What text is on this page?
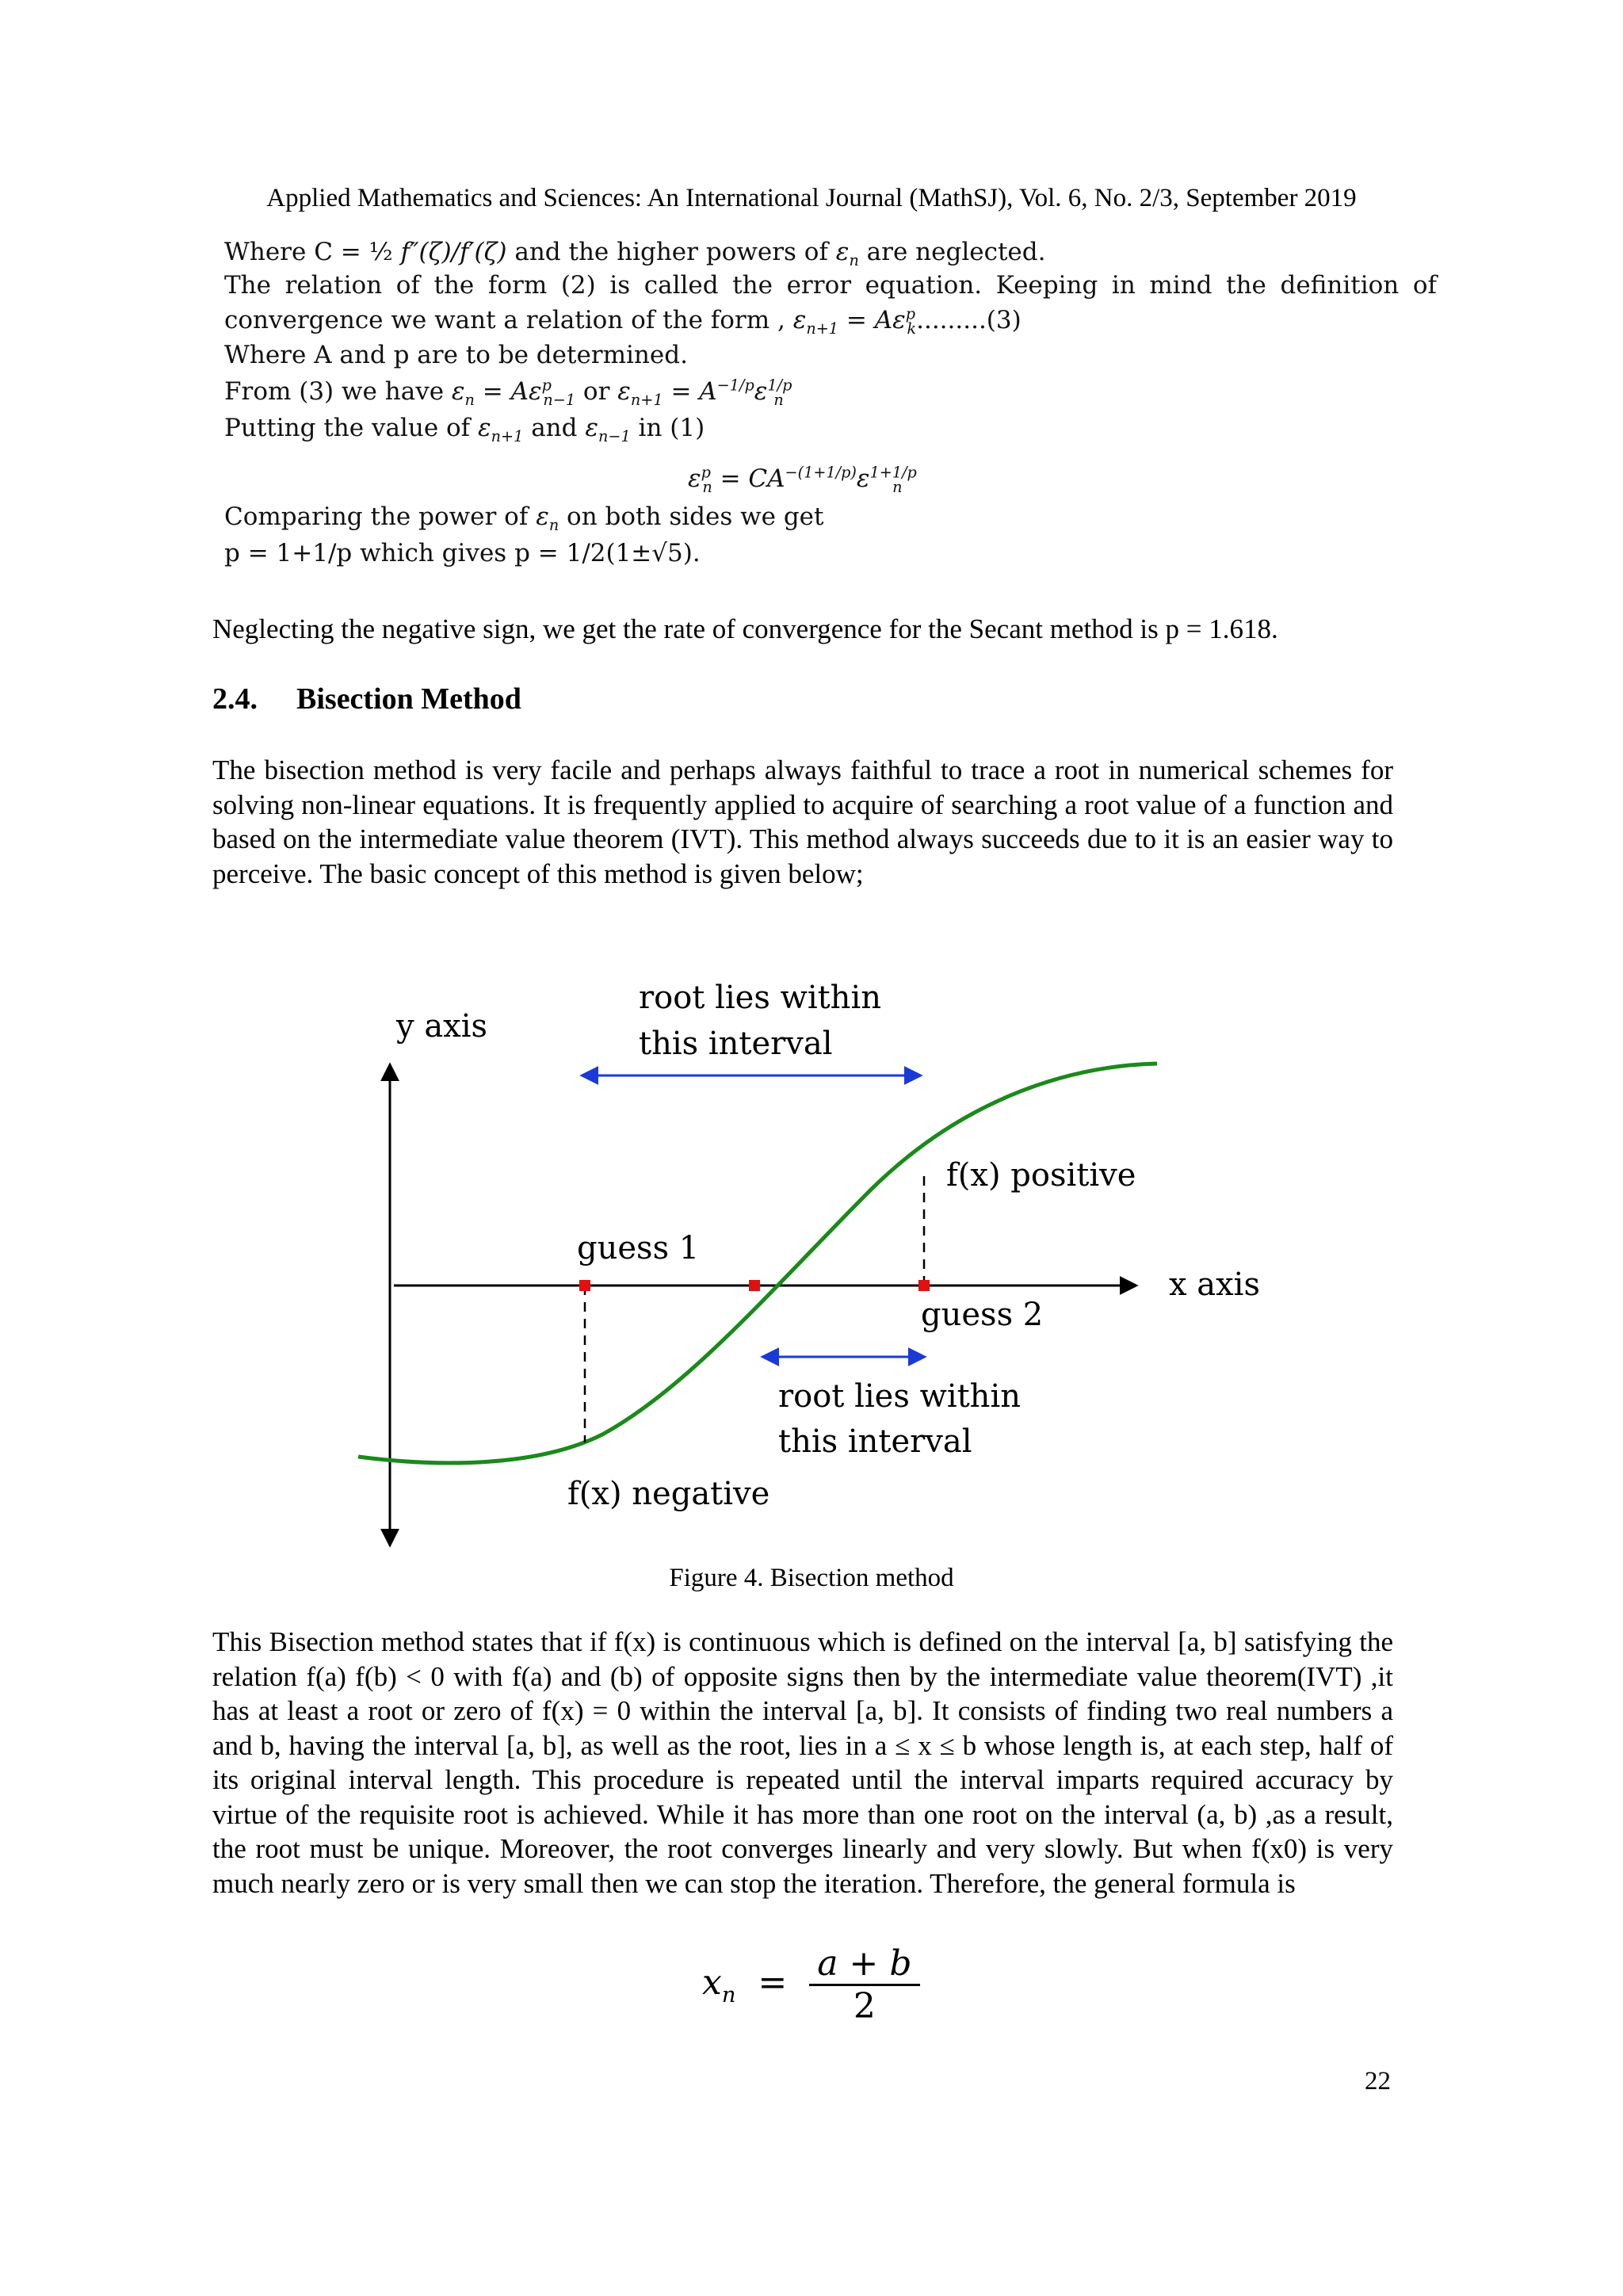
Applied Mathematics and Sciences: An International Journal (MathSJ), Vol. 6, No. 2/3, September 2019
Where C = ½ f″(ζ)/f′(ζ) and the higher powers of $\varepsilon_n$ are neglected.
The relation of the form (2) is called the error equation. Keeping in mind the definition of
convergence we want a relation of the form , $\varepsilon_{n+1} = A\varepsilon^p_k.........(3)$
Where A and p are to be determined.
From (3) we have $\varepsilon_n = A\varepsilon^p_{n-1}$ or $\varepsilon_{n+1} = A^{-1/p}\varepsilon^{1/p}_n$
Putting the value of $\varepsilon_{n+1}$ and $\varepsilon_{n-1}$ in (1)
$\varepsilon^p_n = CA^{-(1+1/p)}\varepsilon^{1+1/p}_n$
Comparing the power of $\varepsilon_n$ on both sides we get
p = 1+1/p which gives p = 1/2(1±√5).
Neglecting the negative sign, we get the rate of convergence for the Secant method is p = 1.618.
2.4. Bisection Method
The bisection method is very facile and perhaps always faithful to trace a root in numerical schemes for solving non-linear equations. It is frequently applied to acquire of searching a root value of a function and based on the intermediate value theorem (IVT). This method always succeeds due to it is an easier way to perceive. The basic concept of this method is given below;
y axis
x axis
root lies within
this interval
root lies within
this interval
guess 1
guess 2
f(x) positive
f(x) negative
Figure 4. Bisection method
This Bisection method states that if f(x) is continuous which is defined on the interval [a, b] satisfying the relation f(a) f(b) < 0 with f(a) and (b) of opposite signs then by the intermediate value theorem(IVT) ,it has at least a root or zero of f(x) = 0 within the interval [a, b]. It consists of finding two real numbers a and b, having the interval [a, b], as well as the root, lies in a ≤ x ≤ b whose length is, at each step, half of its original interval length. This procedure is repeated until the interval imparts required accuracy by virtue of the requisite root is achieved. While it has more than one root on the interval (a, b) ,as a result, the root must be unique. Moreover, the root converges linearly and very slowly. But when f(x0) is very much nearly zero or is very small then we can stop the iteration. Therefore, the general formula is
$x_n = \frac{a + b}{2}$
22
